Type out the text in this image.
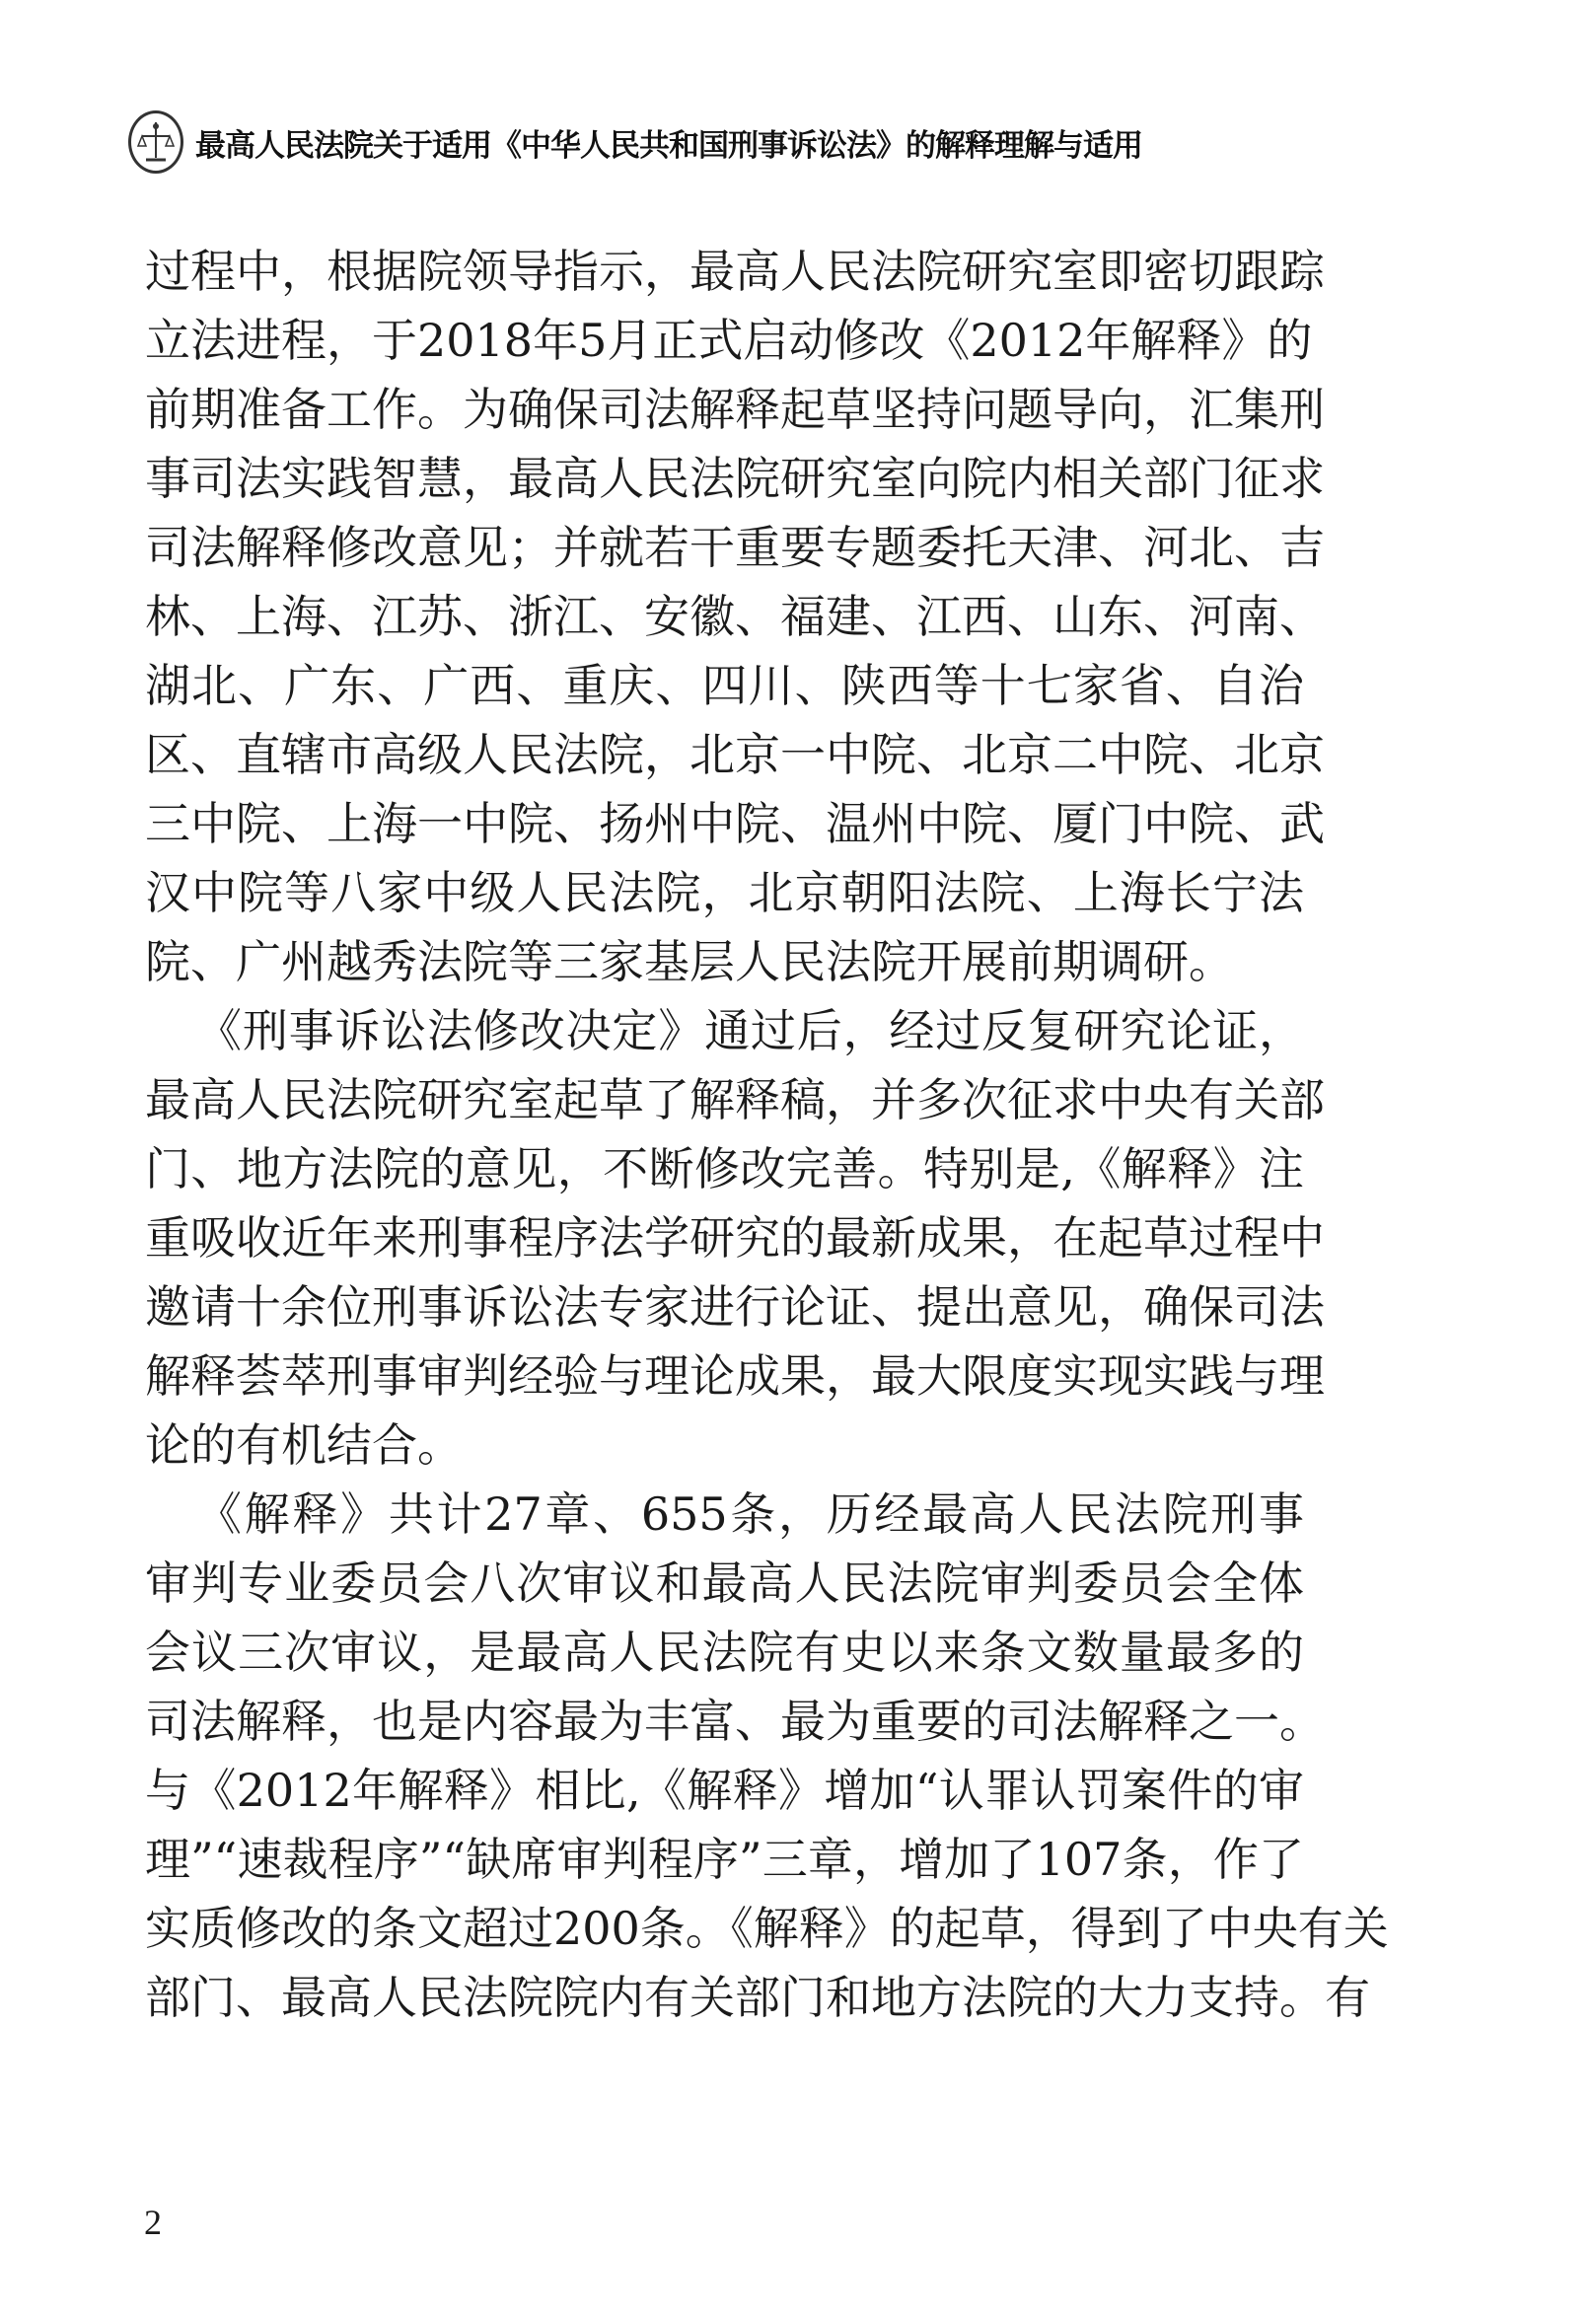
最高人民法院关于适用《中华人民共和国刑事诉讼法》的解释理解与适用
过程中，根据院领导指示，最高人民法院研究室即密切跟踪
立法进程，于2018年5月正式启动修改《2012年解释》的
前期准备工作。为确保司法解释起草坚持问题导向，汇集刑
事司法实践智慧，最高人民法院研究室向院内相关部门征求
司法解释修改意见；并就若干重要专题委托天津、河北、吉
林、上海、江苏、浙江、安徽、福建、江西、山东、河南、
湖北、广东、广西、重庆、四川、陕西等十七家省、自治
区、直辖市高级人民法院，北京一中院、北京二中院、北京
三中院、上海一中院、扬州中院、温州中院、厦门中院、武
汉中院等八家中级人民法院，北京朝阳法院、上海长宁法
院、广州越秀法院等三家基层人民法院开展前期调研。
《刑事诉讼法修改决定》通过后，经过反复研究论证，
最高人民法院研究室起草了解释稿，并多次征求中央有关部
门、地方法院的意见，不断修改完善。特别是,《解释》注
重吸收近年来刑事程序法学研究的最新成果，在起草过程中
邀请十余位刑事诉讼法专家进行论证、提出意见，确保司法
解释荟萃刑事审判经验与理论成果，最大限度实现实践与理
论的有机结合。
《解释》共计27章、655条，历经最高人民法院刑事
审判专业委员会八次审议和最高人民法院审判委员会全体
会议三次审议，是最高人民法院有史以来条文数量最多的
司法解释，也是内容最为丰富、最为重要的司法解释之一。
与《2012年解释》相比,《解释》增加“认罪认罚案件的审
理”“速裁程序”“缺席审判程序”三章，增加了107条，作了
实质修改的条文超过200条。《解释》的起草，得到了中央有关
部门、最高人民法院院内有关部门和地方法院的大力支持。有
2
